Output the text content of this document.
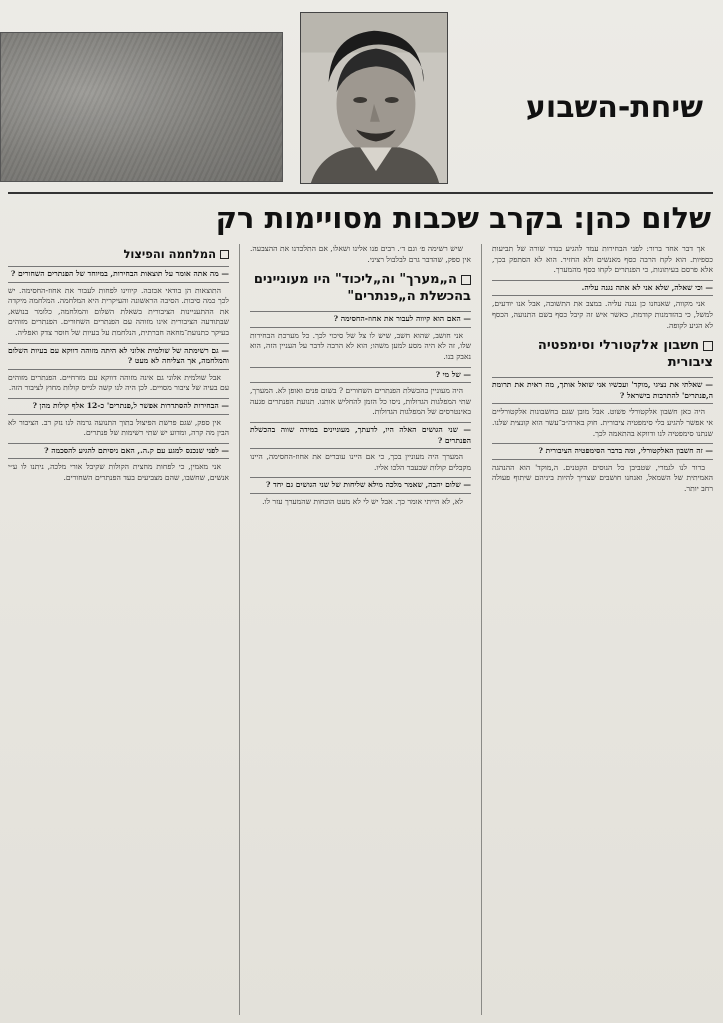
שיחת-השבוע
שלום כהן: בקרב שכבות מסויימות רק
המלחמה והפיצול
— מה אתה אומר על תוצאות הבחירות, במיוחד של הפנתרים השחורים ?
התוצאות הן בודאי אכזבה. קיווינו לפחות לעבור את אחוז-החסימה. יש לכך כמה סיבות. הסיבה הראשונה והעיקרית היא המלחמה. המלחמה מיקדה את ההתעניינות הציבורית בשאלת השלום והמלחמה, כלומר בנושא, שבתודעה הציבורית אינו מזוהה עם הפנתרים השחורים. הפנתרים מזוהים בעיקר כתנועת־מחאה חברתית, הנלחמת על בעיות של חוסר צדק ואפליה.
— גם רשימתה של שולמית אלוני לא היתה מזוהה דווקא עם בעיות השלום והמלחמה, אך הצליחה לא מעט ?
אבל שולמית אלוני גם אינה מזוהה דווקא עם מזרחיים. הפנתרים מזוהים עם בעיה של ציבור מסויים. לכן היה לנו קשה לגייס קולות מחוץ לציבור הזה.
— הבחירות להסתדרות אפשר ל,פנתרים' כ-12 אלף קולות מהן ?
אין ספק, שגם פרשת הפיצול בתוך התנועה גרמה לנו נזק רב. הציבור לא הבין מה קרה, ומדוע יש שתי רשימות של פנתרים.
— לפני שנכנס למגע עם ק.ה., האם ניסיתם להגיע להסכמה ?
אני מאמין, כי לפחות מחצית הקולות שקיבל אורי מלכה, ניתנו לו ע״י אנשים, שחשבו, שהם מצביעים בעד הפנתרים השחורים.
שיש רשימה פ׳ וגם ד׳. רבים פנו אלינו ושאלו, אם התלכדנו את ההצבעה. אין ספק, שהדבר גרם לבלבול רציני.
ה„מערך" וה„ליכוד" היו מעוניינים בהכשלת ה„פנתרים"
— האם הוא קיווה לעבור את אחוז-החסימה ?
אני חושב, שהוא חשב, שיש לו צל של סיכוי לכך. כל מערכת הבחירות שלו, זה לא היה מסע למען משהו; הוא לא הרבה לדבר על העניין הזה, הוא נאבק בנו.
— של מי ?
היה מעוניין בהכשלת הפנתרים השחורים ? בשום פנים ואופן לא. המערך, שתי המפלגות הגדולות, ניסו כל הזמן להחליש אותנו. תנועת הפנתרים פגעה באינטרסים של המפלגות הגדולות.
— שני הגושים האלה היו, לדעתך, מעוניינים במידה שווה בהכשלת הפנתרים ?
המערך היה מעוניין בכך, כי אם היינו עוברים את אחוז-החסימה, היינו מקבלים קולות שבעבר הלכו אליו.
— שלום יהבה, שאמר מלכה מילא שליחות של שני הגושים גם יחד ?
לא, לא הייתי אומר כך. אבל יש לי לא מעט הוכחות שהמערך עזר לו.
אך דבר אחד ברור: לפני הבחירות עמד להגיע בנדר שורה של תביעות כספיות. הוא לקח הרבה כסף מאנשים ולא החזיר. הוא לא הסתפק בכך, אלא פרסם בעיתונות, כי הפנתרים לקחו כסף מהמערך.
— וכי שאלה, שלא אני לא אתה נגנה עליה.
אני מקווה, שאנחנו כן נגנה עליה. במצב את התשובה, אבל אנו יודעים, למשל, כי בהזדמנות קודמת, כאשר איש זה קיבל כסף בשם התנועה, הכסף לא הגיע לקופה.
חשבון אלקטורלי וסימפטיה ציבורית
— שאלתי את נציגי ,מוקד' ועכשיו אני שואל אותך, מה ראית את תרומת ה,פנתרים' להתרבות בישראל ?
היה כאן חשבון אלקטורלי פשוט. אבל מובן שגם בחשבונות אלקטורליים אי אפשר להגיע בלי סימפטיה ציבורית. חוק בארה״ב־עשר הוא קונצית שלנו. שנתנו סימפטיה לנו ודווקא בהתאמה לכך.
— זה חשבון האלקטורלי, ומה בדבר הסימפטיה הציבורית ?
ברור לנו לגמרי, שטביבן כל הנוסים הקטנים. ה,מוקד' הוא ההנהגה האמיתית של השמאל, ואנחנו חושבים שצריך להיות ביניהם שיתוף פעולה רחב יותר.
